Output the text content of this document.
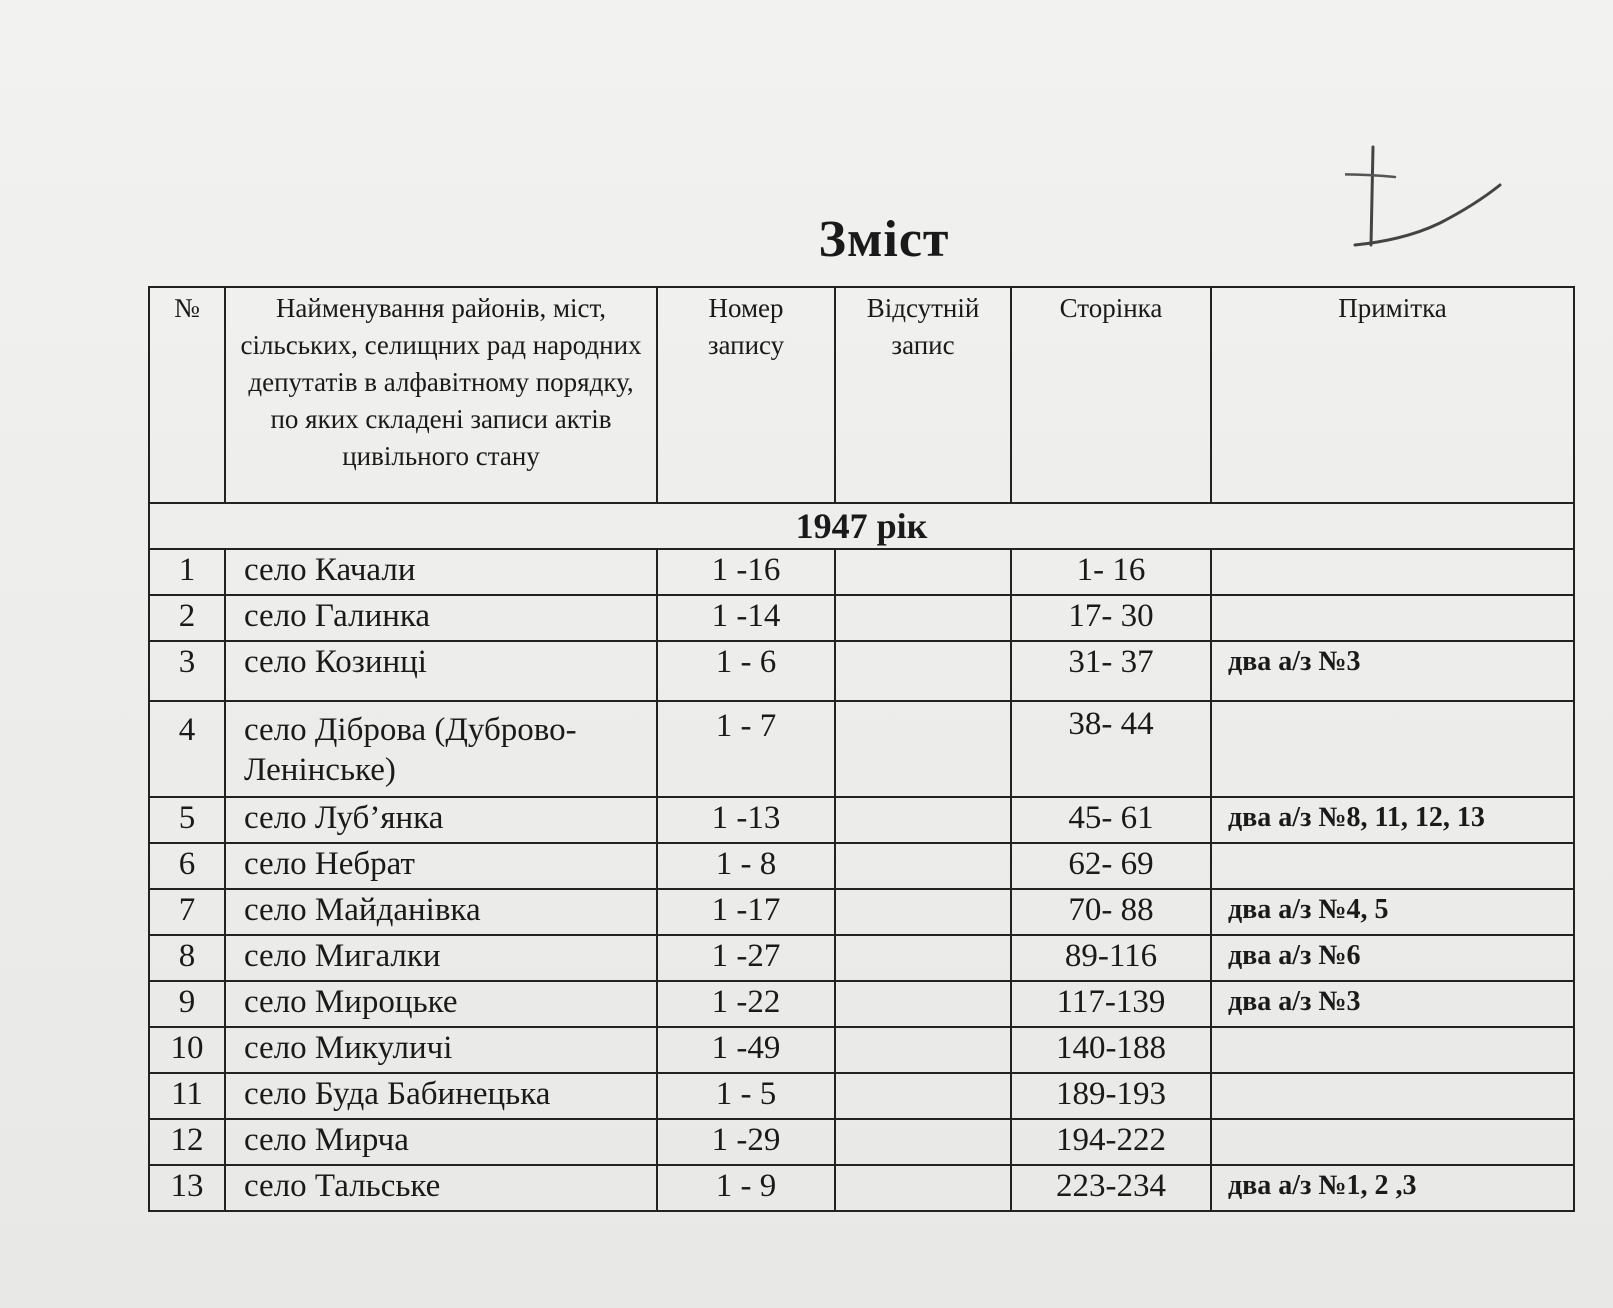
Зміст
№	Найменування районів, міст, сільських, селищних рад народних депутатів в алфавітному порядку, по яких складені записи актів цивільного стану	Номер запису	Відсутній запис	Сторінка	Примітка
1947 рік					
1	село Качали	1 -16		1- 16	
2	село Галинка	1 -14		17- 30	
3	село Козинці	1 - 6		31- 37	два а/з №3
4	село Діброва (Дуброво-Ленінське)	1 - 7		38- 44	
5	село Луб’янка	1 -13		45- 61	два а/з №8, 11, 12, 13
6	село Небрат	1 - 8		62- 69	
7	село Майданівка	1 -17		70- 88	два а/з №4, 5
8	село Мигалки	1 -27		89-116	два а/з №6
9	село Мироцьке	1 -22		117-139	два а/з №3
10	село Микуличі	1 -49		140-188	
11	село Буда Бабинецька	1 - 5		189-193	
12	село Мирча	1 -29		194-222	
13	село Тальське	1 - 9		223-234	два а/з №1, 2 ,3
